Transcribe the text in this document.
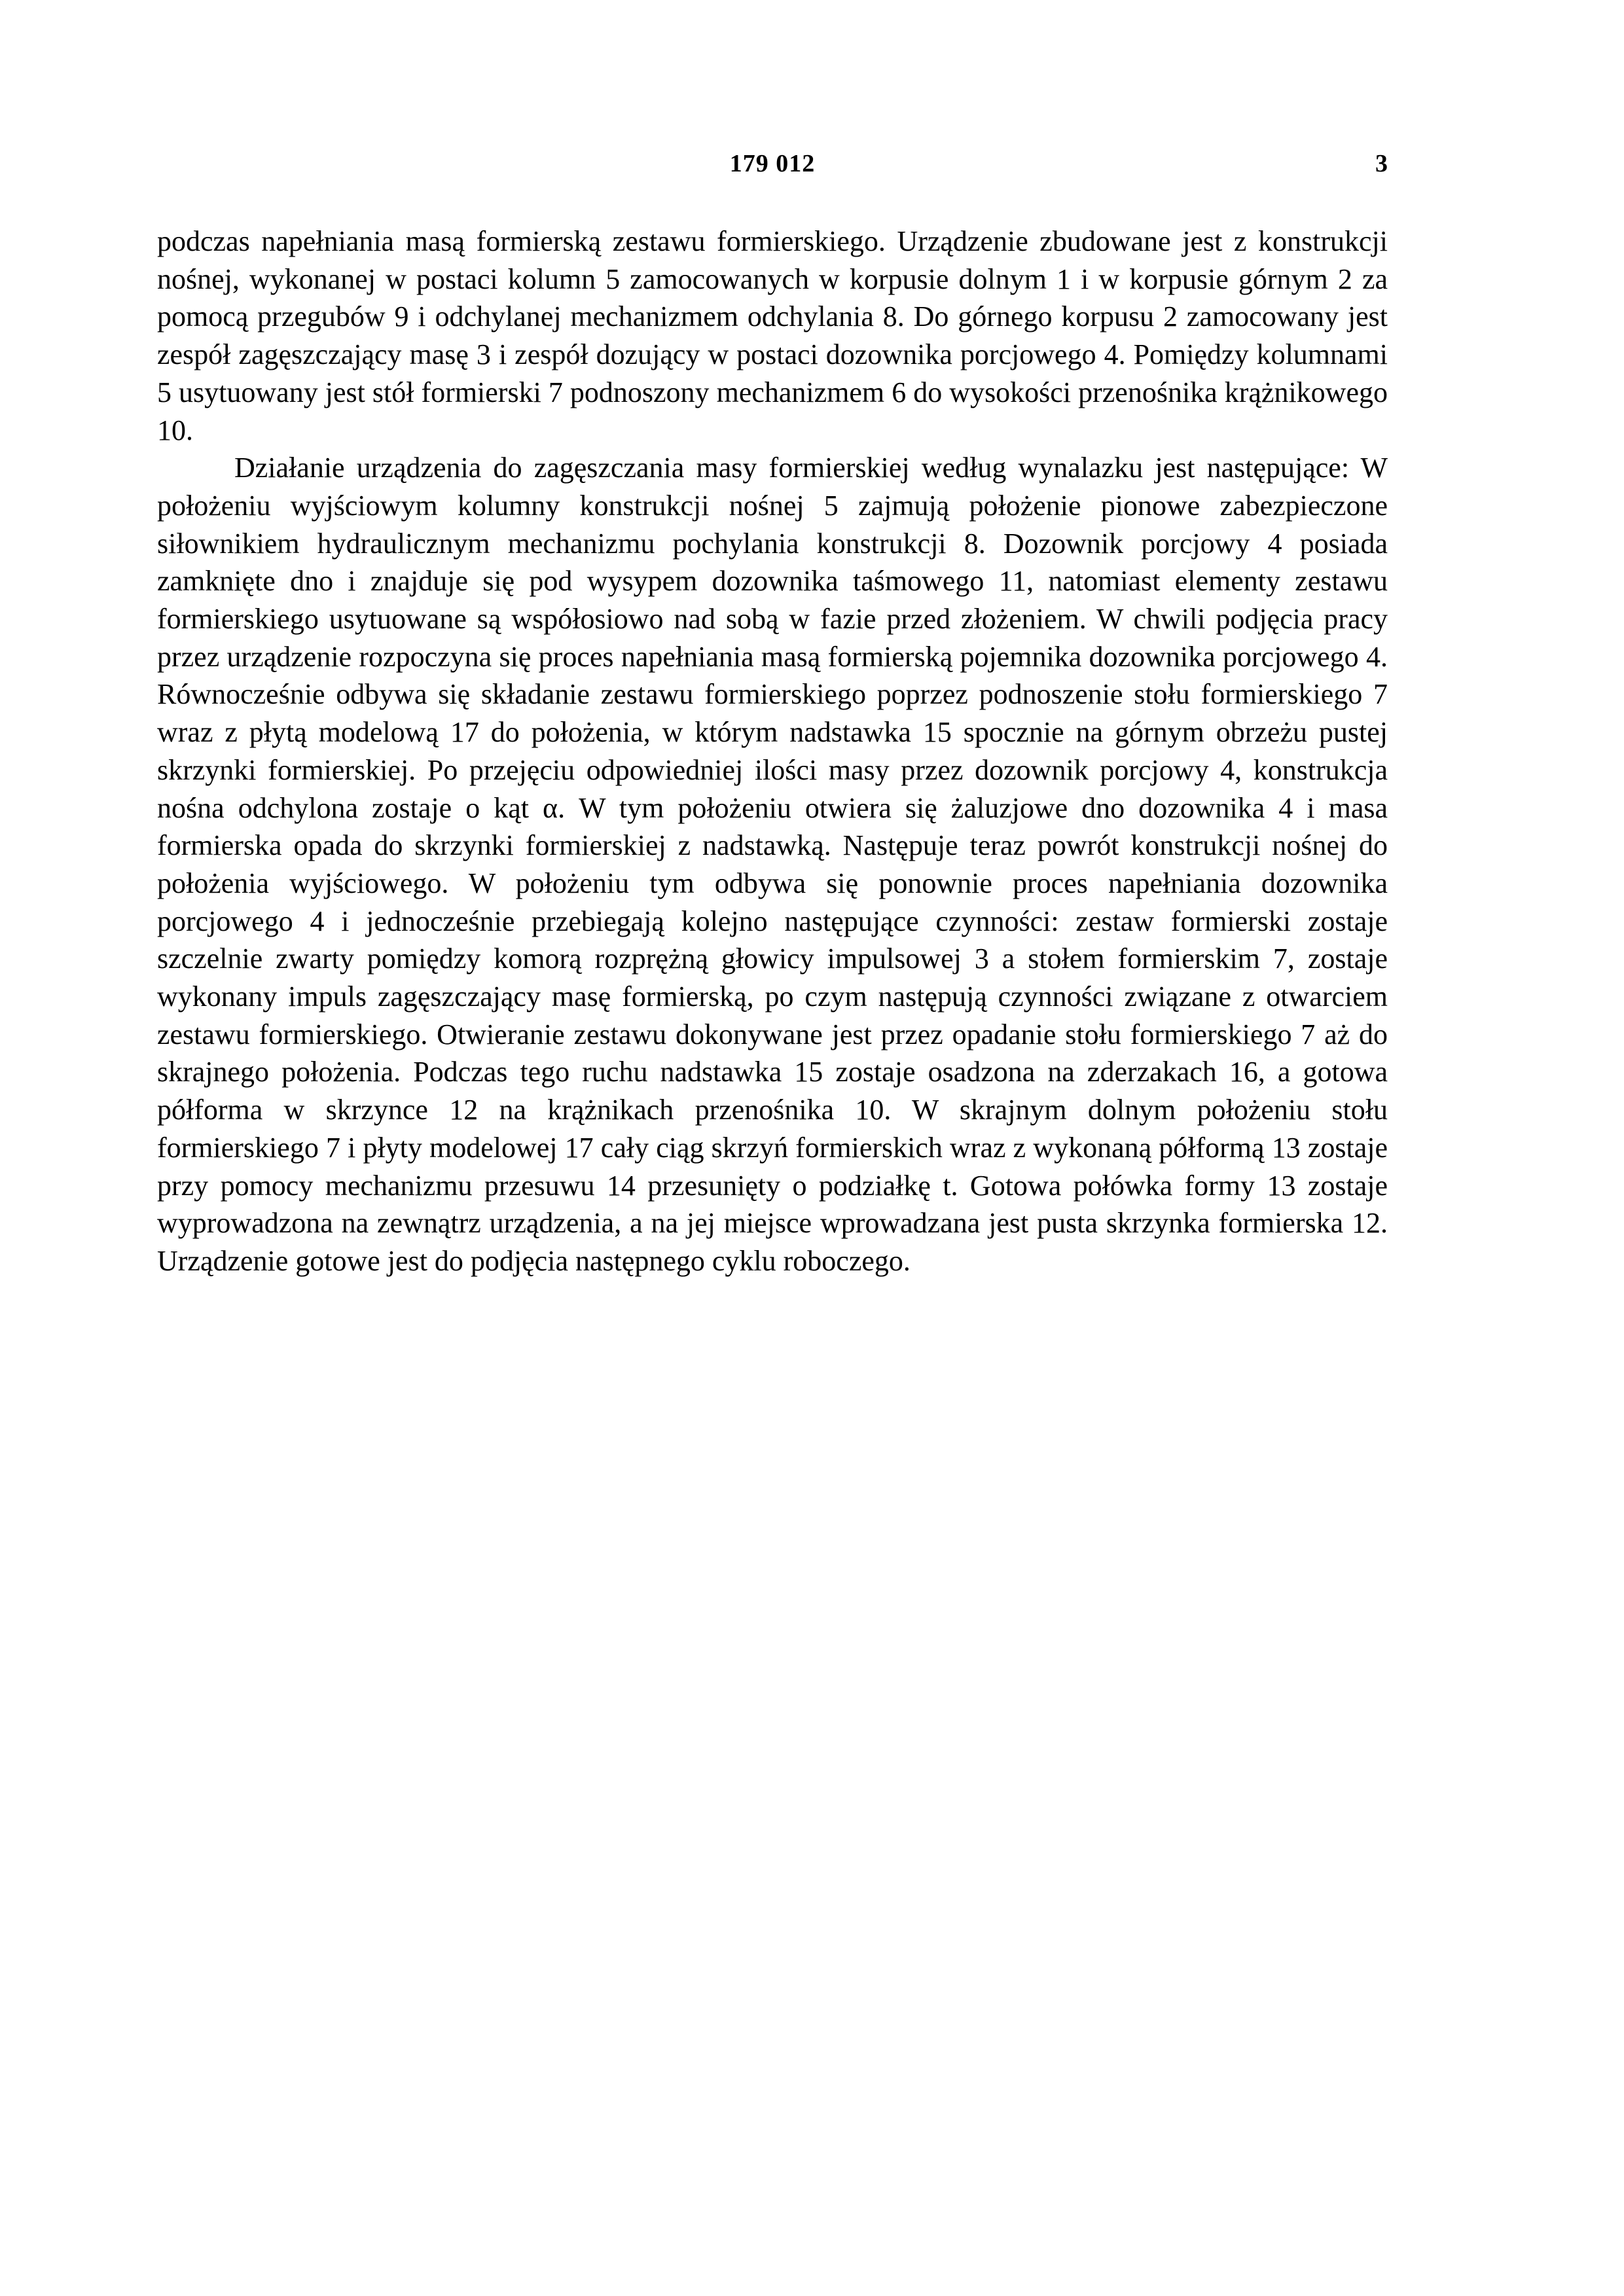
179 012	3

podczas napełniania masą formierską zestawu formierskiego. Urządzenie zbudowane jest z konstrukcji nośnej, wykonanej w postaci kolumn 5 zamocowanych w korpusie dolnym 1 i w korpusie górnym 2 za pomocą przegubów 9 i odchylanej mechanizmem odchylania 8. Do górnego korpusu 2 zamocowany jest zespół zagęszczający masę 3 i zespół dozujący w postaci dozownika porcjowego 4. Pomiędzy kolumnami 5 usytuowany jest stół formierski 7 podnoszony mechanizmem 6 do wysokości przenośnika krążnikowego 10.

Działanie urządzenia do zagęszczania masy formierskiej według wynalazku jest następujące: W położeniu wyjściowym kolumny konstrukcji nośnej 5 zajmują położenie pionowe zabezpieczone siłownikiem hydraulicznym mechanizmu pochylania konstrukcji 8. Dozownik porcjowy 4 posiada zamknięte dno i znajduje się pod wysypem dozownika taśmowego 11, natomiast elementy zestawu formierskiego usytuowane są współosiowo nad sobą w fazie przed złożeniem. W chwili podjęcia pracy przez urządzenie rozpoczyna się proces napełniania masą formierską pojemnika dozownika porcjowego 4. Równocześnie odbywa się składanie zestawu formierskiego poprzez podnoszenie stołu formierskiego 7 wraz z płytą modelową 17 do położenia, w którym nadstawka 15 spocznie na górnym obrzeżu pustej skrzynki formierskiej. Po przejęciu odpowiedniej ilości masy przez dozownik porcjowy 4, konstrukcja nośna odchylona zostaje o kąt α. W tym położeniu otwiera się żaluzjowe dno dozownika 4 i masa formierska opada do skrzynki formierskiej z nadstawką. Następuje teraz powrót konstrukcji nośnej do położenia wyjściowego. W położeniu tym odbywa się ponownie proces napełniania dozownika porcjowego 4 i jednocześnie przebiegają kolejno następujące czynności: zestaw formierski zostaje szczelnie zwarty pomiędzy komorą rozprężną głowicy impulsowej 3 a stołem formierskim 7, zostaje wykonany impuls zagęszczający masę formierską, po czym następują czynności związane z otwarciem zestawu formierskiego. Otwieranie zestawu dokonywane jest przez opadanie stołu formierskiego 7 aż do skrajnego położenia. Podczas tego ruchu nadstawka 15 zostaje osadzona na zderzakach 16, a gotowa półforma w skrzynce 12 na krążnikach przenośnika 10. W skrajnym dolnym położeniu stołu formierskiego 7 i płyty modelowej 17 cały ciąg skrzyń formierskich wraz z wykonaną półformą 13 zostaje przy pomocy mechanizmu przesuwu 14 przesunięty o podziałkę t. Gotowa połówka formy 13 zostaje wyprowadzona na zewnątrz urządzenia, a na jej miejsce wprowadzana jest pusta skrzynka formierska 12. Urządzenie gotowe jest do podjęcia następnego cyklu roboczego.
